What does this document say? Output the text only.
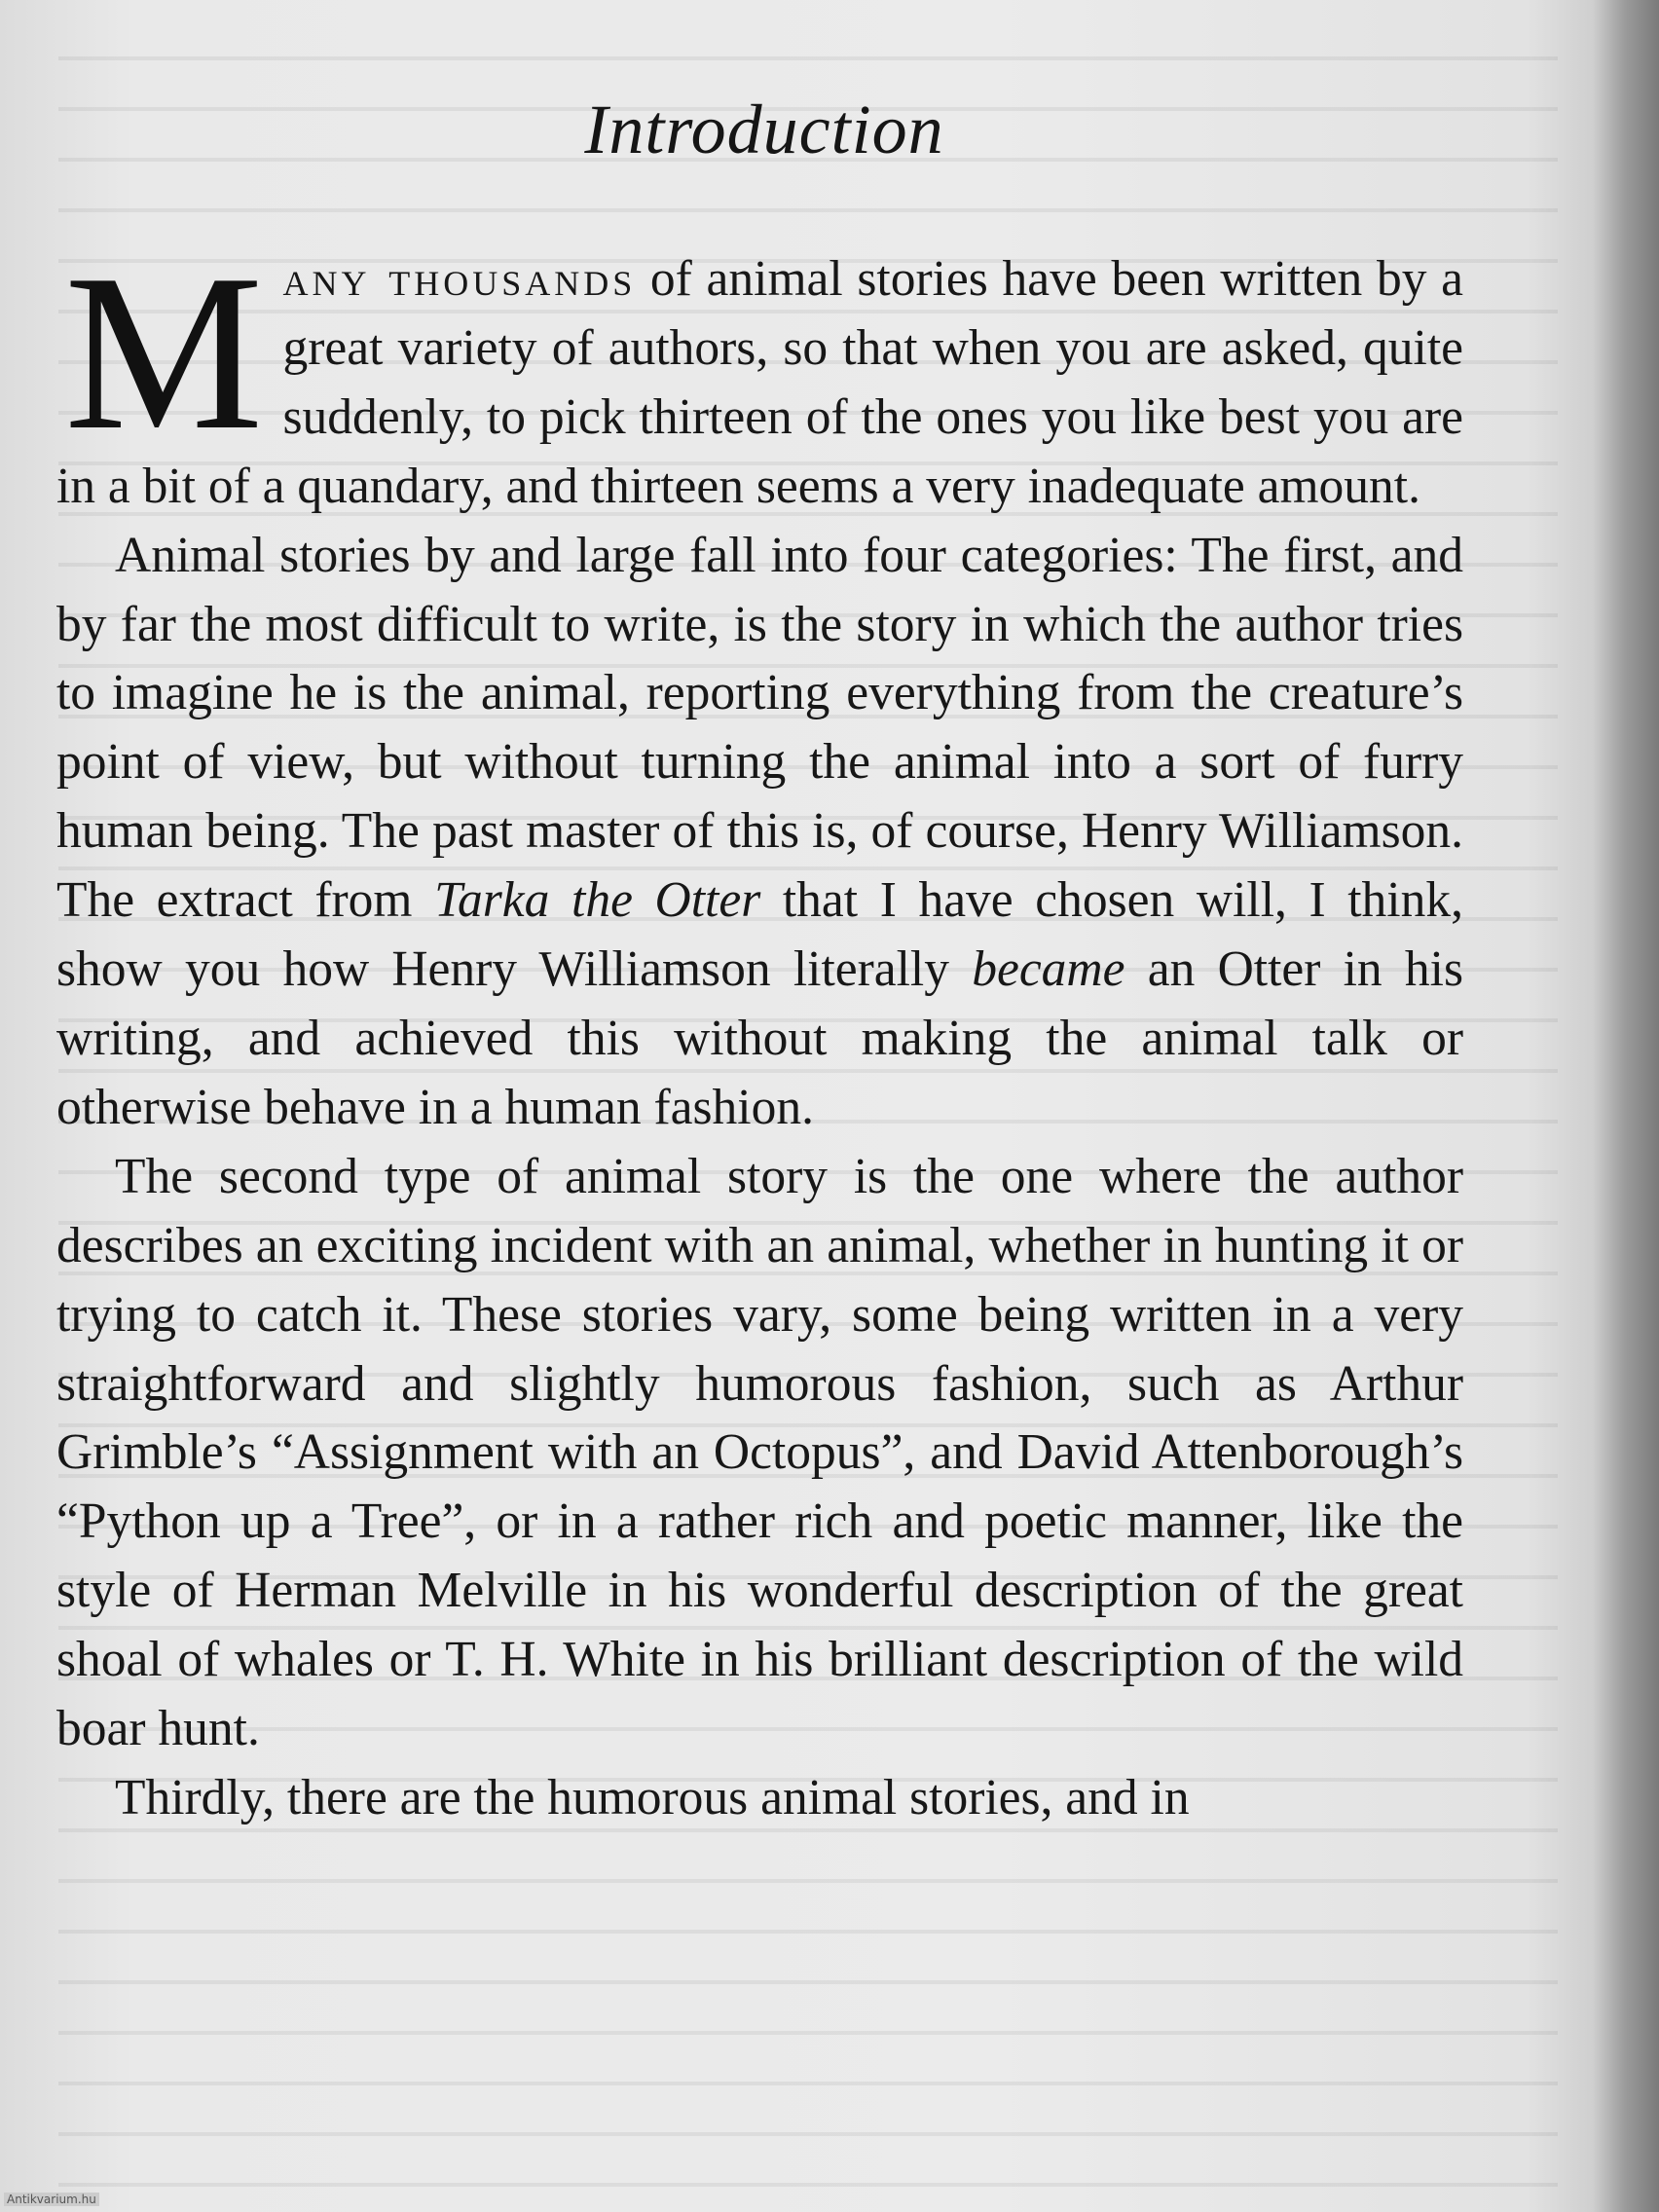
Introduction

Many thousands of animal stories have been written by a great variety of authors, so that when you are asked, quite suddenly, to pick thirteen of the ones you like best you are in a bit of a quandary, and thirteen seems a very inadequate amount.

Animal stories by and large fall into four categories: The first, and by far the most difficult to write, is the story in which the author tries to imagine he is the animal, reporting everything from the creature’s point of view, but without turning the animal into a sort of furry human being. The past master of this is, of course, Henry Williamson. The extract from Tarka the Otter that I have chosen will, I think, show you how Henry Williamson literally became an Otter in his writing, and achieved this without making the animal talk or otherwise behave in a human fashion.

The second type of animal story is the one where the author describes an exciting incident with an animal, whether in hunting it or trying to catch it. These stories vary, some being written in a very straightforward and slightly humorous fashion, such as Arthur Grimble’s “Assignment with an Octopus”, and David Attenborough’s “Python up a Tree”, or in a rather rich and poetic manner, like the style of Herman Melville in his wonderful description of the great shoal of whales or T. H. White in his brilliant description of the wild boar hunt.

Thirdly, there are the humorous animal stories, and in

Antikvarium.hu
